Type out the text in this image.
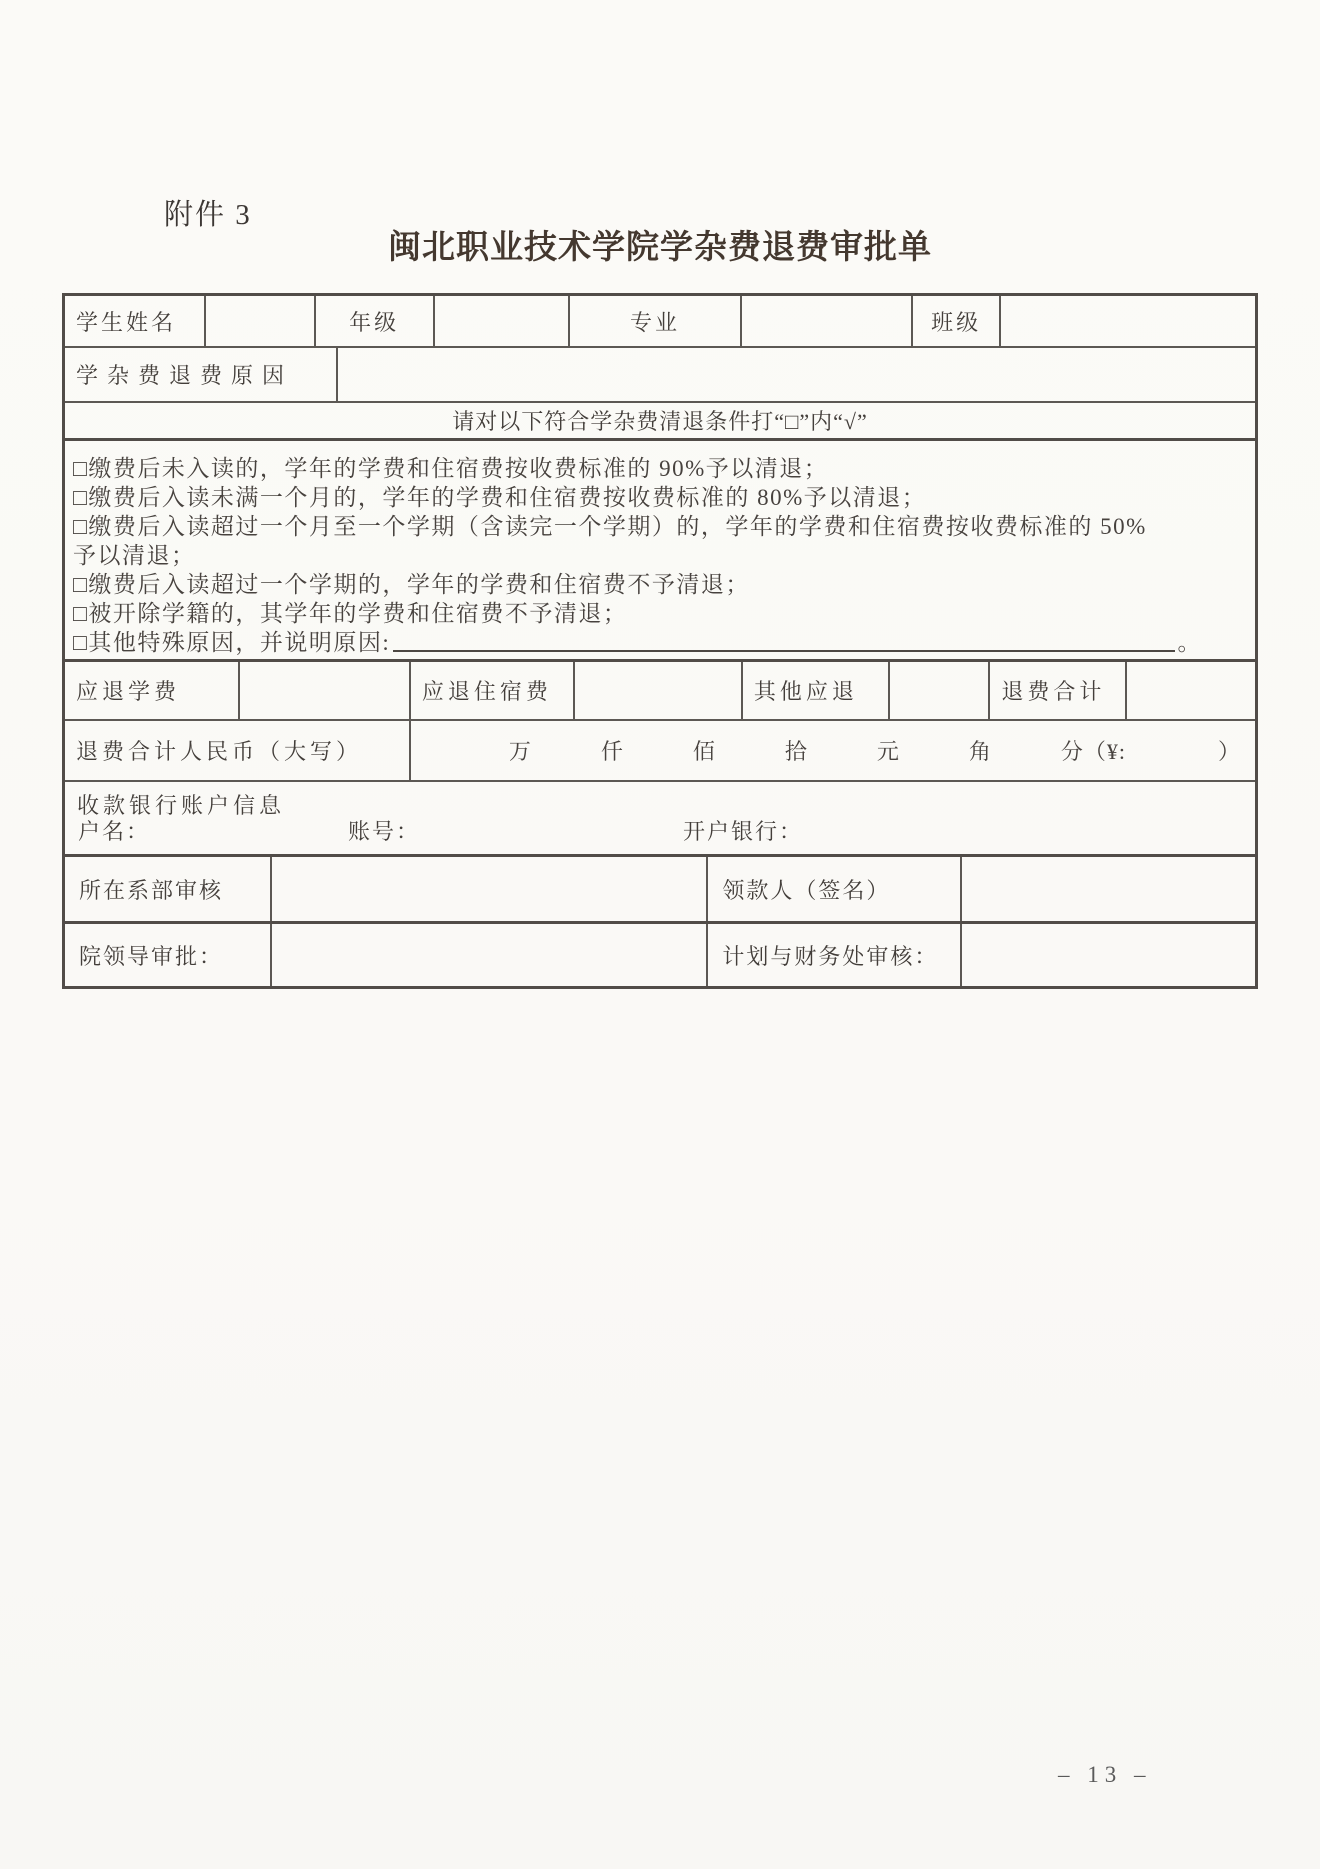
附件 3
闽北职业技术学院学杂费退费审批单
学生姓名	年级	专业	班级
学杂费退费原因
请对以下符合学杂费清退条件打“□”内“√”
□缴费后未入读的，学年的学费和住宿费按收费标准的 90%予以清退；
□缴费后入读未满一个月的，学年的学费和住宿费按收费标准的 80%予以清退；
□缴费后入读超过一个月至一个学期（含读完一个学期）的，学年的学费和住宿费按收费标准的 50%
予以清退；
□缴费后入读超过一个学期的，学年的学费和住宿费不予清退；
□被开除学籍的，其学年的学费和住宿费不予清退；
□其他特殊原因，并说明原因:	。
应退学费	应退住宿费	其他应退	退费合计
退费合计人民币（大写）	万　　　仟　　　佰　　　拾　　　元　　　角　　　分（¥:　　　　）
收款银行账户信息
户名：	账号：	开户银行：
所在系部审核	领款人（签名）
院领导审批：	计划与财务处审核：
– 13 –
